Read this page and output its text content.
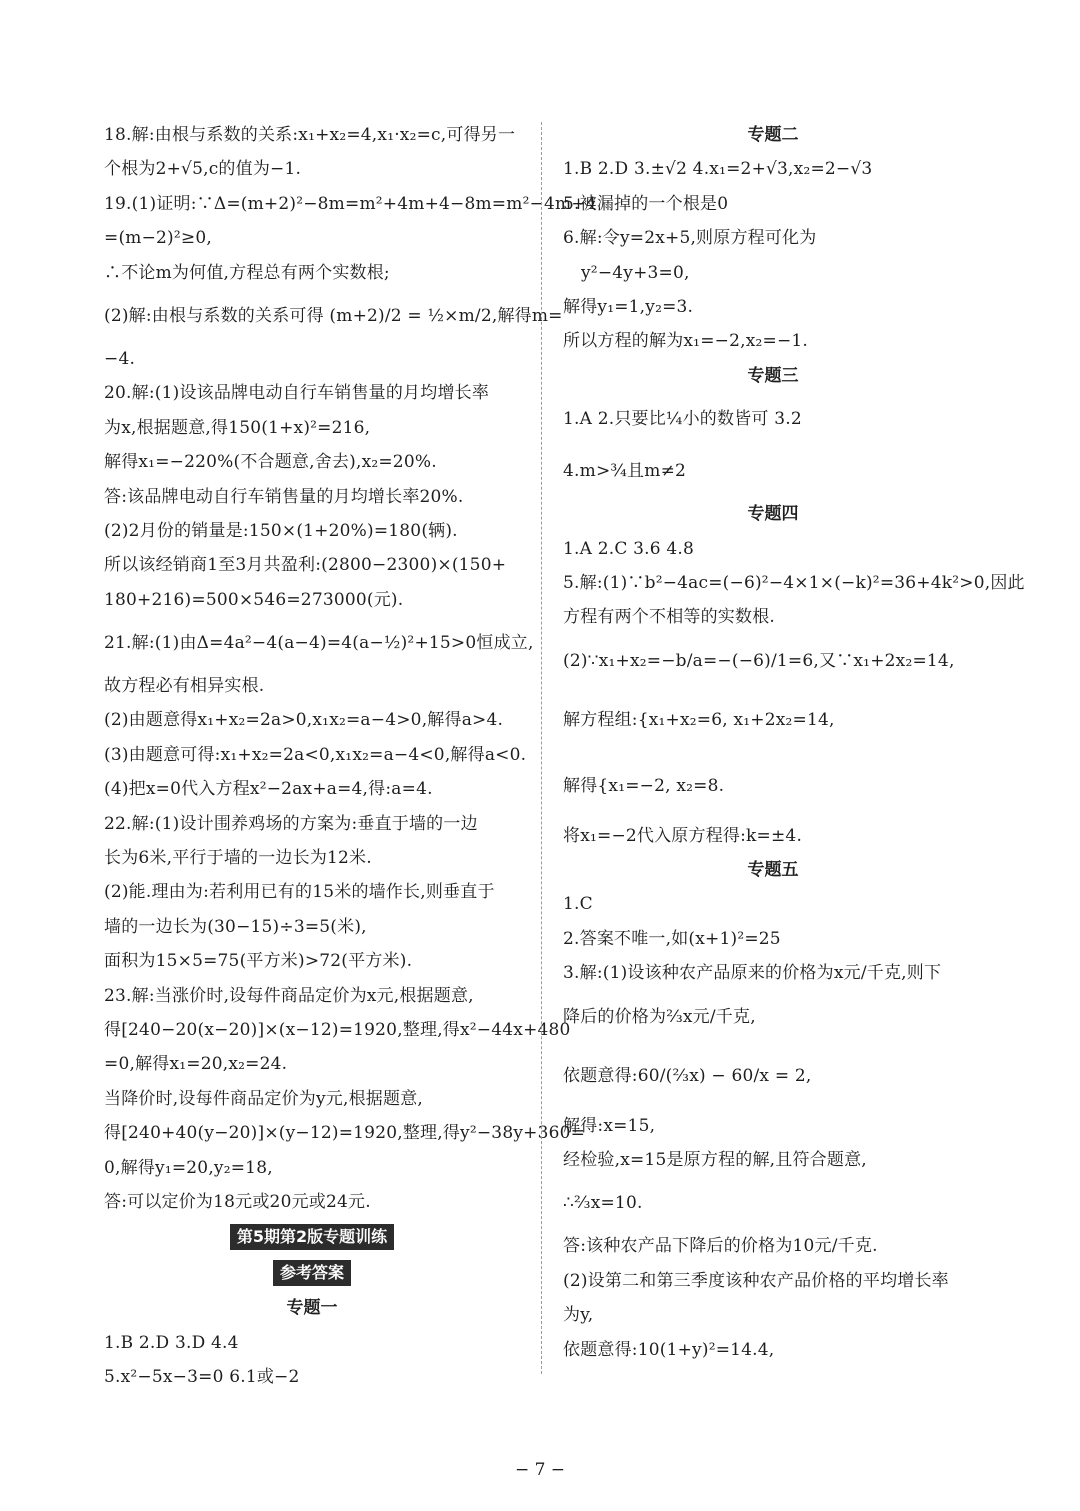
18.解:由根与系数的关系:x₁+x₂=4,x₁·x₂=c,可得另一
个根为2+√5,c的值为−1.
19.(1)证明:∵Δ=(m+2)²−8m=m²+4m+4−8m=m²−4m+4
=(m−2)²≥0,
∴不论m为何值,方程总有两个实数根;
(2)解:由根与系数的关系可得 (m+2)/2 = ½×m/2,解得m=
−4.
20.解:(1)设该品牌电动自行车销售量的月均增长率
为x,根据题意,得150(1+x)²=216,
解得x₁=−220%(不合题意,舍去),x₂=20%.
答:该品牌电动自行车销售量的月均增长率20%.
(2)2月份的销量是:150×(1+20%)=180(辆).
所以该经销商1至3月共盈利:(2800−2300)×(150+
180+216)=500×546=273000(元).
21.解:(1)由Δ=4a²−4(a−4)=4(a−½)²+15>0恒成立,
故方程必有相异实根.
(2)由题意得x₁+x₂=2a>0,x₁x₂=a−4>0,解得a>4.
(3)由题意可得:x₁+x₂=2a<0,x₁x₂=a−4<0,解得a<0.
(4)把x=0代入方程x²−2ax+a=4,得:a=4.
22.解:(1)设计围养鸡场的方案为:垂直于墙的一边
长为6米,平行于墙的一边长为12米.
(2)能.理由为:若利用已有的15米的墙作长,则垂直于
墙的一边长为(30−15)÷3=5(米),
面积为15×5=75(平方米)>72(平方米).
23.解:当涨价时,设每件商品定价为x元,根据题意,
得[240−20(x−20)]×(x−12)=1920,整理,得x²−44x+480
=0,解得x₁=20,x₂=24.
当降价时,设每件商品定价为y元,根据题意,
得[240+40(y−20)]×(y−12)=1920,整理,得y²−38y+360=
0,解得y₁=20,y₂=18,
答:可以定价为18元或20元或24元.
第5期第2版专题训练
参考答案
专题一
1.B 2.D 3.D 4.4
5.x²−5x−3=0 6.1或−2
专题二
1.B 2.D 3.±√2 4.x₁=2+√3,x₂=2−√3
5.被漏掉的一个根是0
6.解:令y=2x+5,则原方程可化为
y²−4y+3=0,
解得y₁=1,y₂=3.
所以方程的解为x₁=−2,x₂=−1.
专题三
1.A 2.只要比¼小的数皆可 3.2
4.m>¾且m≠2
专题四
1.A 2.C 3.6 4.8
5.解:(1)∵b²−4ac=(−6)²−4×1×(−k)²=36+4k²>0,因此
方程有两个不相等的实数根.
(2)∵x₁+x₂=−b/a=−(−6)/1=6,又∵x₁+2x₂=14,
解方程组:{x₁+x₂=6, x₁+2x₂=14,
解得{x₁=−2, x₂=8.
将x₁=−2代入原方程得:k=±4.
专题五
1.C
2.答案不唯一,如(x+1)²=25
3.解:(1)设该种农产品原来的价格为x元/千克,则下
降后的价格为⅔x元/千克,
依题意得:60/(⅔x) − 60/x = 2,
解得:x=15,
经检验,x=15是原方程的解,且符合题意,
∴⅔x=10.
答:该种农产品下降后的价格为10元/千克.
(2)设第二和第三季度该种农产品价格的平均增长率
为y,
依题意得:10(1+y)²=14.4,
− 7 −
